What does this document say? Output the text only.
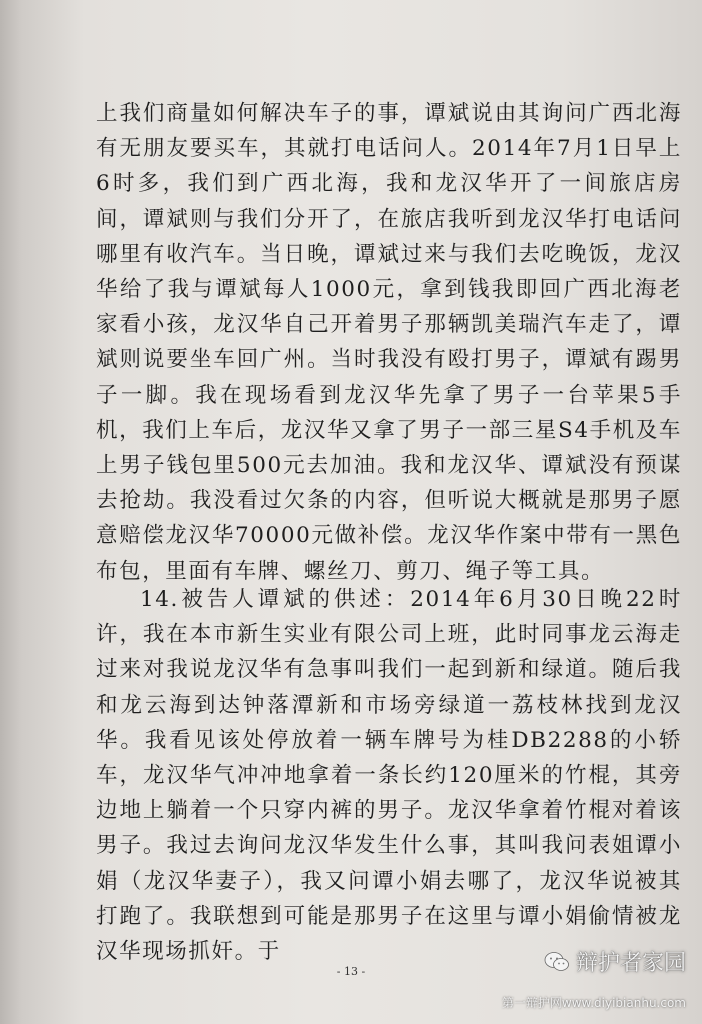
上我们商量如何解决车子的事，谭斌说由其询问广西北海有无朋友要买车，其就打电话问人。2014年7月1日早上6时多，我们到广西北海，我和龙汉华开了一间旅店房间，谭斌则与我们分开了，在旅店我听到龙汉华打电话问哪里有收汽车。当日晚，谭斌过来与我们去吃晚饭，龙汉华给了我与谭斌每人1000元，拿到钱我即回广西北海老家看小孩，龙汉华自己开着男子那辆凯美瑞汽车走了，谭斌则说要坐车回广州。当时我没有殴打男子，谭斌有踢男子一脚。我在现场看到龙汉华先拿了男子一台苹果5手机，我们上车后，龙汉华又拿了男子一部三星S4手机及车上男子钱包里500元去加油。我和龙汉华、谭斌没有预谋去抢劫。我没看过欠条的内容，但听说大概就是那男子愿意赔偿龙汉华70000元做补偿。龙汉华作案中带有一黑色布包，里面有车牌、螺丝刀、剪刀、绳子等工具。
14.被告人谭斌的供述：2014年6月30日晚22时许，我在本市新生实业有限公司上班，此时同事龙云海走过来对我说龙汉华有急事叫我们一起到新和绿道。随后我和龙云海到达钟落潭新和市场旁绿道一荔枝林找到龙汉华。我看见该处停放着一辆车牌号为桂DB2288的小轿车，龙汉华气冲冲地拿着一条长约120厘米的竹棍，其旁边地上躺着一个只穿内裤的男子。龙汉华拿着竹棍对着该男子。我过去询问龙汉华发生什么事，其叫我问表姐谭小娟（龙汉华妻子），我又问谭小娟去哪了，龙汉华说被其打跑了。我联想到可能是那男子在这里与谭小娟偷情被龙汉华现场抓奸。于
- 13 -	辩护者家园
第一辩护网www.diyibianhu.com
